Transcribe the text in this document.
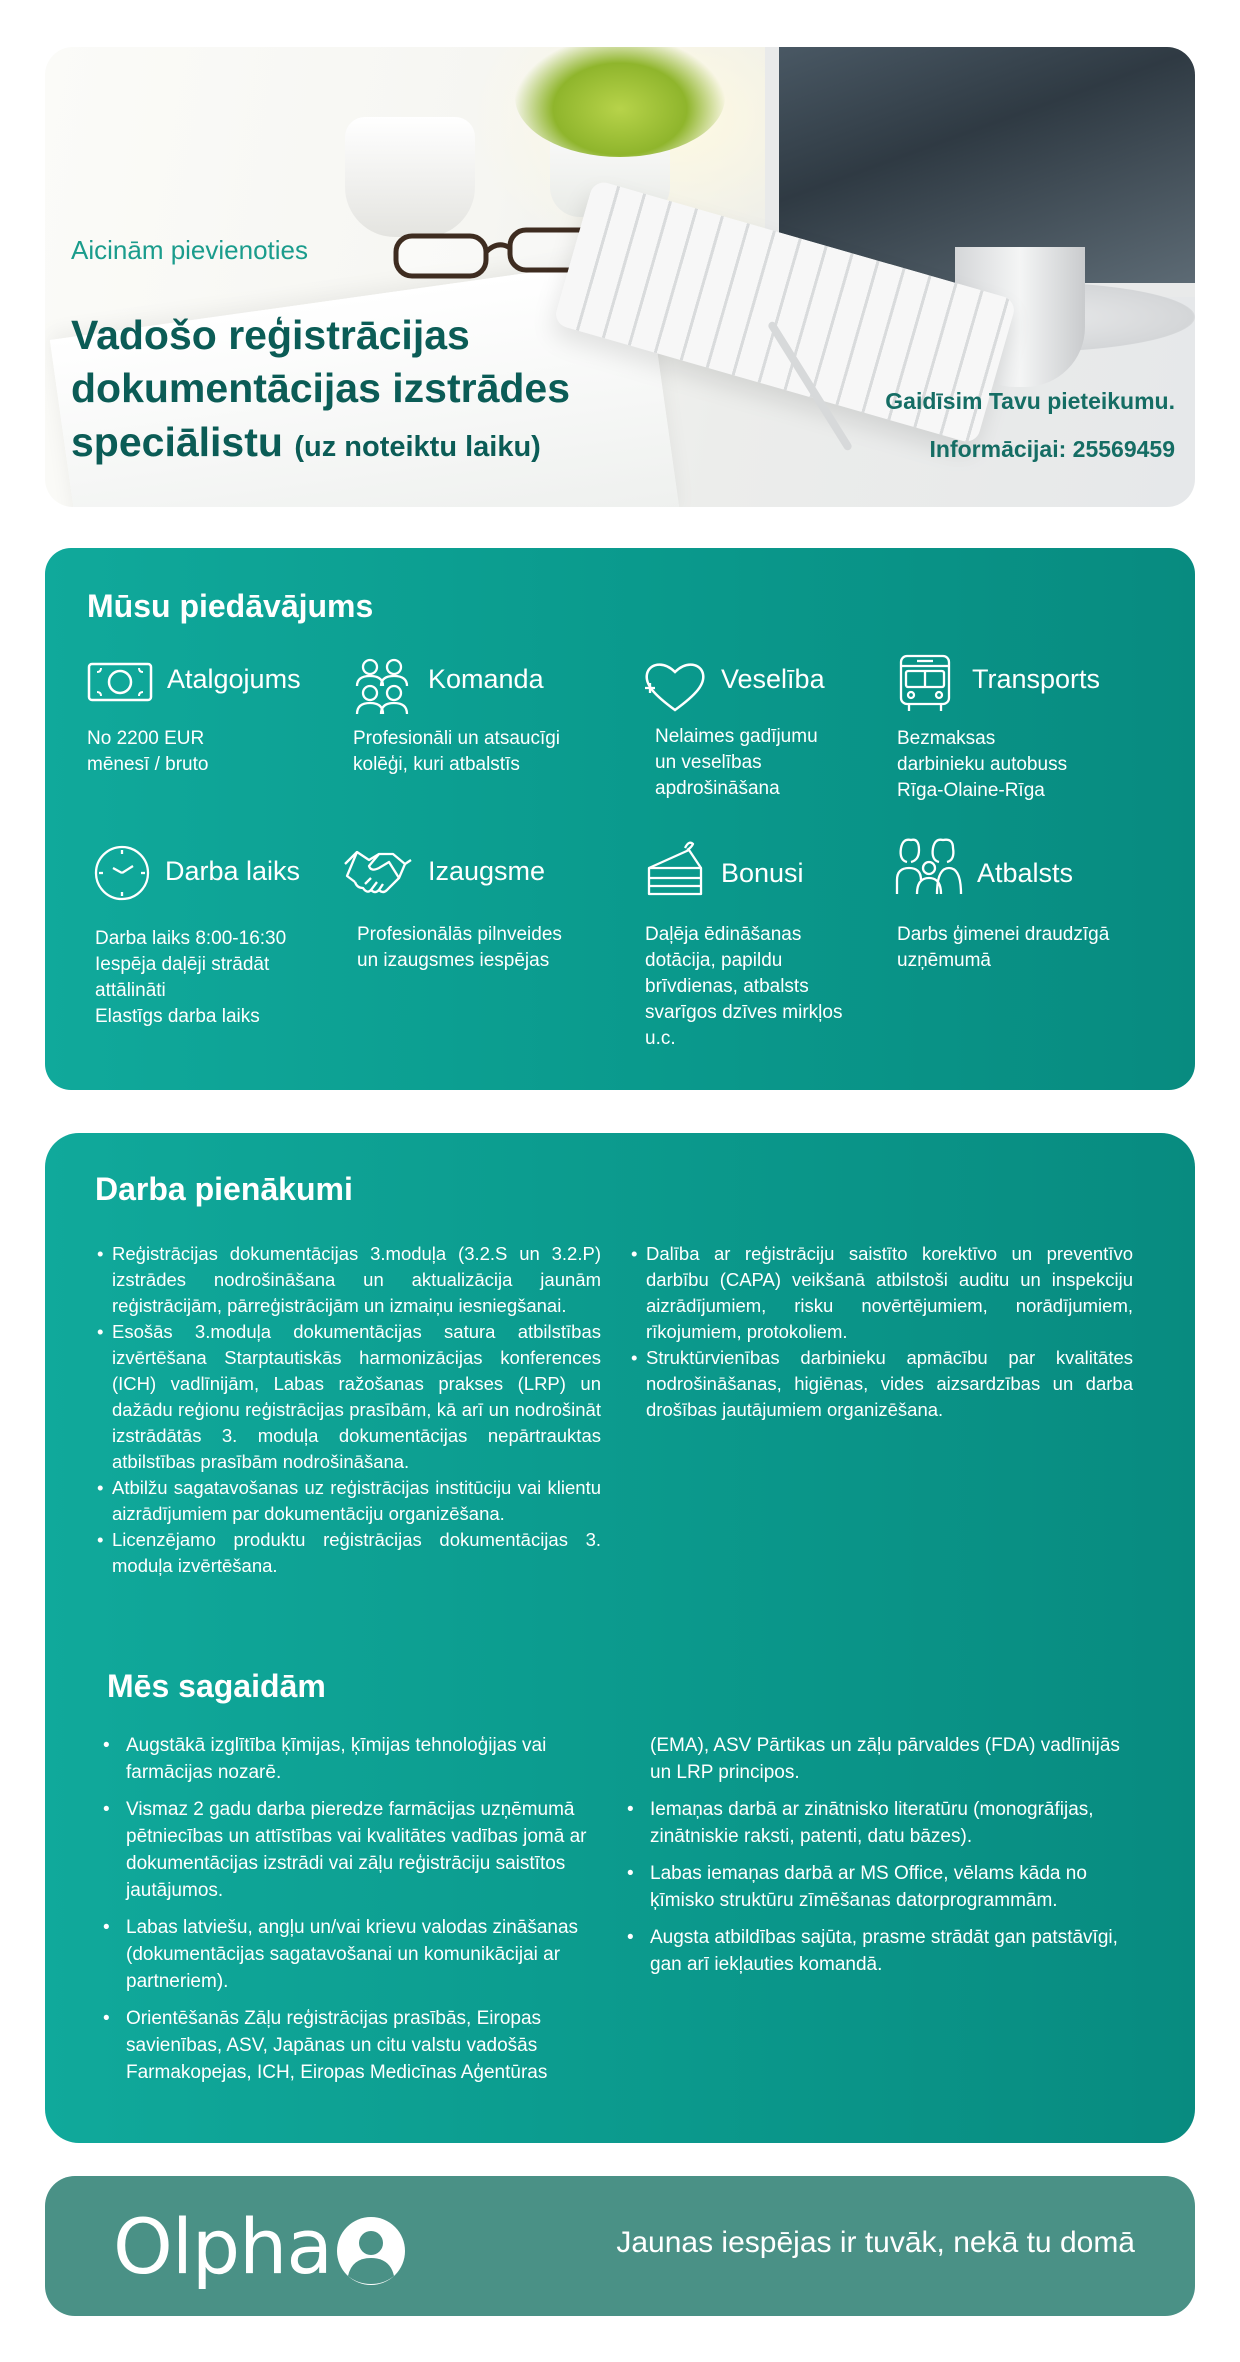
Aicinām pievienoties
Vadošo reģistrācijas
dokumentācijas izstrādes
speciālistu (uz noteiktu laiku)
Gaidīsim Tavu pieteikumu.
Informācijai: 25569459
Mūsu piedāvājums
Atalgojums
No 2200 EUR
mēnesī / bruto
Komanda
Profesionāli un atsaucīgi
kolēģi, kuri atbalstīs
Veselība
Nelaimes gadījumu
un veselības
apdrošināšana
Transports
Bezmaksas
darbinieku autobuss
Rīga-Olaine-Rīga
Darba laiks
Darba laiks 8:00-16:30
Iespēja daļēji strādāt
attālināti
Elastīgs darba laiks
Izaugsme
Profesionālās pilnveides
un izaugsmes iespējas
Bonusi
Daļēja ēdināšanas
dotācija, papildu
brīvdienas, atbalsts
svarīgos dzīves mirkļos
u.c.
Atbalsts
Darbs ģimenei draudzīgā
uzņēmumā
Darba pienākumi
• Reģistrācijas dokumentācijas 3.moduļa (3.2.S un 3.2.P) izstrādes nodrošināšana un aktualizācija jaunām reģistrācijām, pārreģistrācijām un izmaiņu iesniegšanai.
• Esošās 3.moduļa dokumentācijas satura atbilstības izvērtēšana Starptautiskās harmonizācijas konferences (ICH) vadlīnijām, Labas ražošanas prakses (LRP) un dažādu reģionu reģistrācijas prasībām, kā arī un nodrošināt izstrādātās 3. moduļa dokumentācijas nepārtrauktas atbilstības prasībām nodrošināšana.
• Atbilžu sagatavošanas uz reģistrācijas institūciju vai klientu aizrādījumiem par dokumentāciju organizēšana.
• Licenzējamo produktu reģistrācijas dokumentācijas 3. moduļa izvērtēšana.
• Dalība ar reģistrāciju saistīto korektīvo un preventīvo darbību (CAPA) veikšanā atbilstoši auditu un inspekciju aizrādījumiem, risku novērtējumiem, norādījumiem, rīkojumiem, protokoliem.
• Struktūrvienības darbinieku apmācību par kvalitātes nodrošināšanas, higiēnas, vides aizsardzības un darba drošības jautājumiem organizēšana.
Mēs sagaidām
• Augstākā izglītība ķīmijas, ķīmijas tehnoloģijas vai farmācijas nozarē.
• Vismaz 2 gadu darba pieredze farmācijas uzņēmumā pētniecības un attīstības vai kvalitātes vadības jomā ar dokumentācijas izstrādi vai zāļu reģistrāciju saistītos jautājumos.
• Labas latviešu, angļu un/vai krievu valodas zināšanas (dokumentācijas sagatavošanai un komunikācijai ar partneriem).
• Orientēšanās Zāļu reģistrācijas prasībās, Eiropas savienības, ASV, Japānas un citu valstu vadošās Farmakopejas, ICH, Eiropas Medicīnas Aģentūras
(EMA), ASV Pārtikas un zāļu pārvaldes (FDA) vadlīnijās un LRP principos.
• Iemaņas darbā ar zinātnisko literatūru (monogrāfijas, zinātniskie raksti, patenti, datu bāzes).
• Labas iemaņas darbā ar MS Office, vēlams kāda no ķīmisko struktūru zīmēšanas datorprogrammām.
• Augsta atbildības sajūta, prasme strādāt gan patstāvīgi, gan arī iekļauties komandā.
Olpha	Jaunas iespējas ir tuvāk, nekā tu domā
